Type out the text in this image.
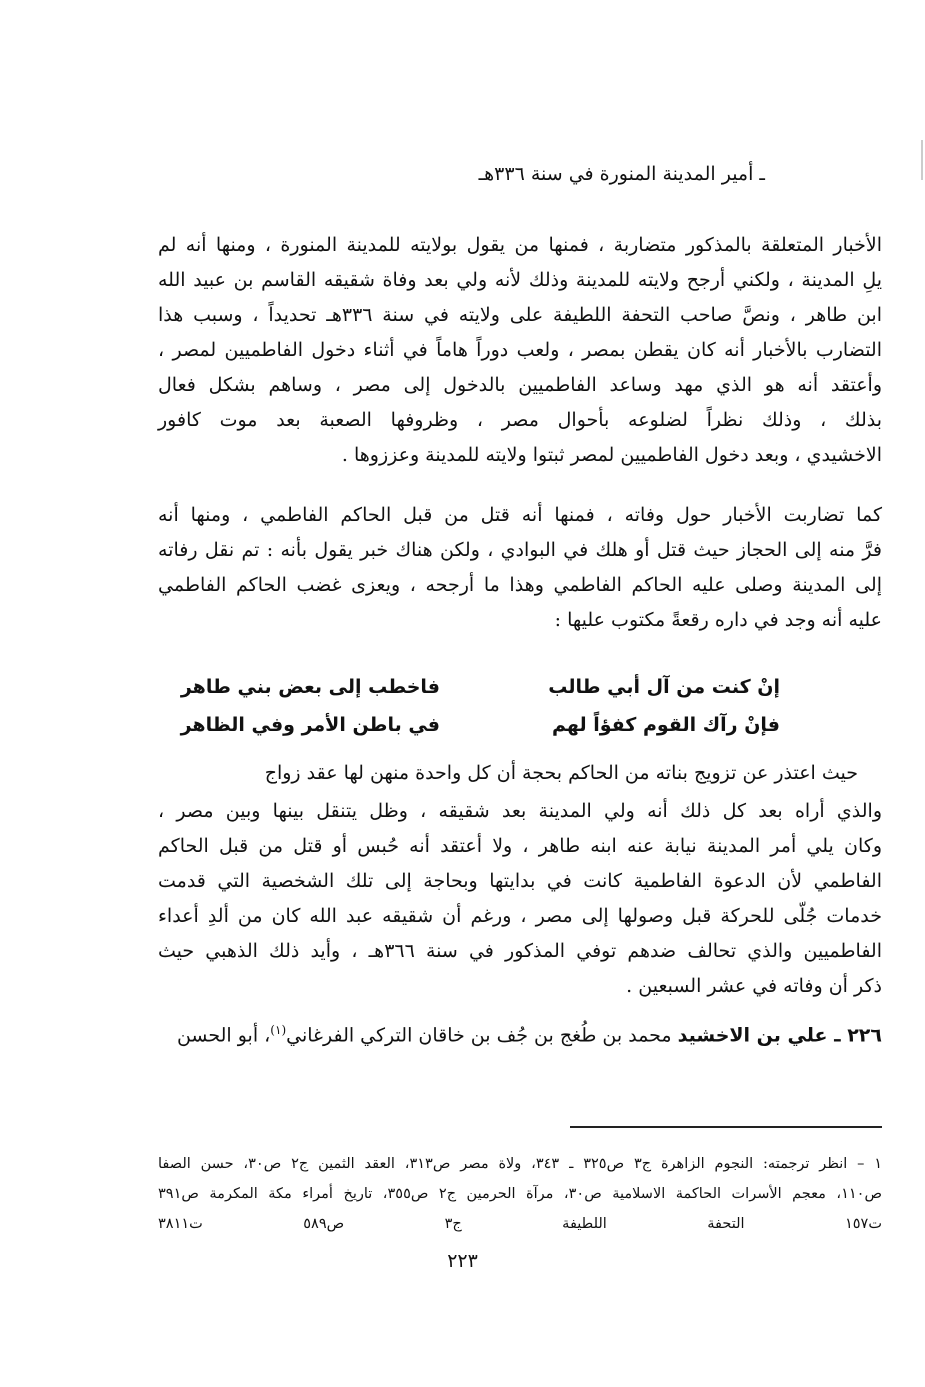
ـ أمير المدينة المنورة في سنة ٣٣٦هـ
الأخبار المتعلقة بالمذكور متضاربة ، فمنها من يقول بولايته للمدينة المنورة ، ومنها أنه لم
يلِ المدينة ، ولكني أرجح ولايته للمدينة وذلك لأنه ولي بعد وفاة شقيقه القاسم بن عبيد الله
ابن طاهر ، ونصَّ صاحب التحفة اللطيفة على ولايته في سنة ٣٣٦هـ تحديداً ، وسبب هذا
التضارب بالأخبار أنه كان يقطن بمصر ، ولعب دوراً هاماً في أثناء دخول الفاطميين لمصر ،
وأعتقد أنه هو الذي مهد وساعد الفاطميين بالدخول إلى مصر ، وساهم بشكل فعال
بذلك ، وذلك نظراً لضلوعه بأحوال مصر ، وظروفها الصعبة بعد موت كافور
الاخشيدي ، وبعد دخول الفاطميين لمصر ثبتوا ولايته للمدينة وعززوها .
كما تضاربت الأخبار حول وفاته ، فمنها أنه قتل من قبل الحاكم الفاطمي ، ومنها أنه
فرَّ منه إلى الحجاز حيث قتل أو هلك في البوادي ، ولكن هناك خبر يقول بأنه : تم نقل رفاته
إلى المدينة وصلى عليه الحاكم الفاطمي وهذا ما أرجحه ، ويعزى غضب الحاكم الفاطمي
عليه أنه وجد في داره رقعةً مكتوب عليها :
إنْ كنت من آل أبي طالب
فاخطب إلى بعض بني طاهر
فإنْ رآك القوم كفؤاً لهم
في باطن الأمر وفي الظاهر
حيث اعتذر عن تزويج بناته من الحاكم بحجة أن كل واحدة منهن لها عقد زواج
والذي أراه بعد كل ذلك أنه ولي المدينة بعد شقيقه ، وظل يتنقل بينها وبين مصر ،
وكان يلي أمر المدينة نيابة عنه ابنه طاهر ، ولا أعتقد أنه حُبس أو قتل من قبل الحاكم
الفاطمي لأن الدعوة الفاطمية كانت في بدايتها وبحاجة إلى تلك الشخصية التي قدمت
خدمات جُلّى للحركة قبل وصولها إلى مصر ، ورغم أن شقيقه عبد الله كان من ألدِ أعداء
الفاطميين والذي تحالف ضدهم توفي المذكور في سنة ٣٦٦هـ ، وأيد ذلك الذهبي حيث
ذكر أن وفاته في عشر السبعين .
٢٢٦ ـ علي بن الاخشيد محمد بن طُغج بن جُف بن خاقان التركي الفرغاني$^{(١)}$، أبو الحسن
١ – انظر ترجمته: النجوم الزاهرة ج٣ ص٣٢٥ ـ ٣٤٣، ولاة مصر ص٣١٣، العقد الثمين ج٢ ص٣٠، حسن الصفا
ص١١٠، معجم الأسرات الحاكمة الاسلامية ص٣٠، مرآة الحرمين ج٢ ص٣٥٥، تاريخ أمراء مكة المكرمة ص٣٩١
ت١٥٧ التحفة اللطيفة ج٣ ص٥٨٩ ت٣٨١١
٢٢٣
